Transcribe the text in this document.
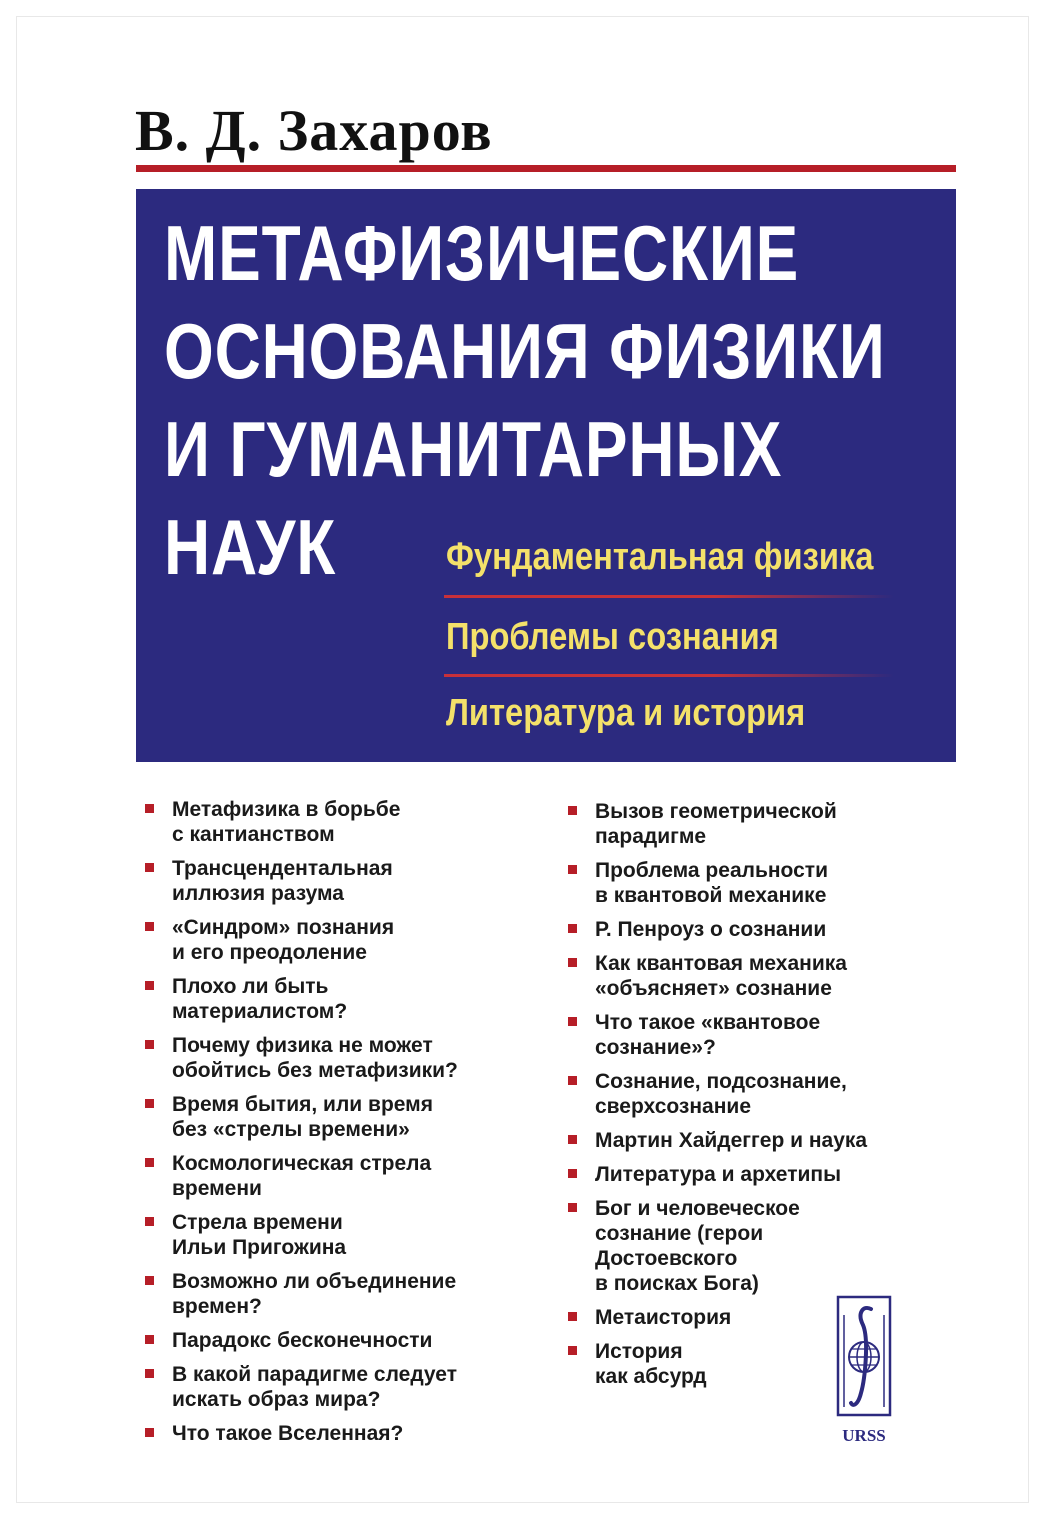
В. Д. Захаров
МЕТАФИЗИЧЕСКИЕ
ОСНОВАНИЯ ФИЗИКИ
И ГУМАНИТАРНЫХ
НАУК	Фундаментальная физика
Проблемы сознания
Литература и история
Метафизика в борьбе
с кантианством
Трансцендентальная
иллюзия разума
«Синдром» познания
и его преодоление
Плохо ли быть
материалистом?
Почему физика не может
обойтись без метафизики?
Время бытия, или время
без «стрелы времени»
Космологическая стрела
времени
Стрела времени
Ильи Пригожина
Возможно ли объединение
времен?
Парадокс бесконечности
В какой парадигме следует
искать образ мира?
Что такое Вселенная?
Вызов геометрической
парадигме
Проблема реальности
в квантовой механике
Р. Пенроуз о сознании
Как квантовая механика
«объясняет» сознание
Что такое «квантовое
сознание»?
Сознание, подсознание,
сверхсознание
Мартин Хайдеггер и наука
Литература и архетипы
Бог и человеческое
сознание (герои
Достоевского
в поисках Бога)
Метаистория
История
как абсурд
URSS
